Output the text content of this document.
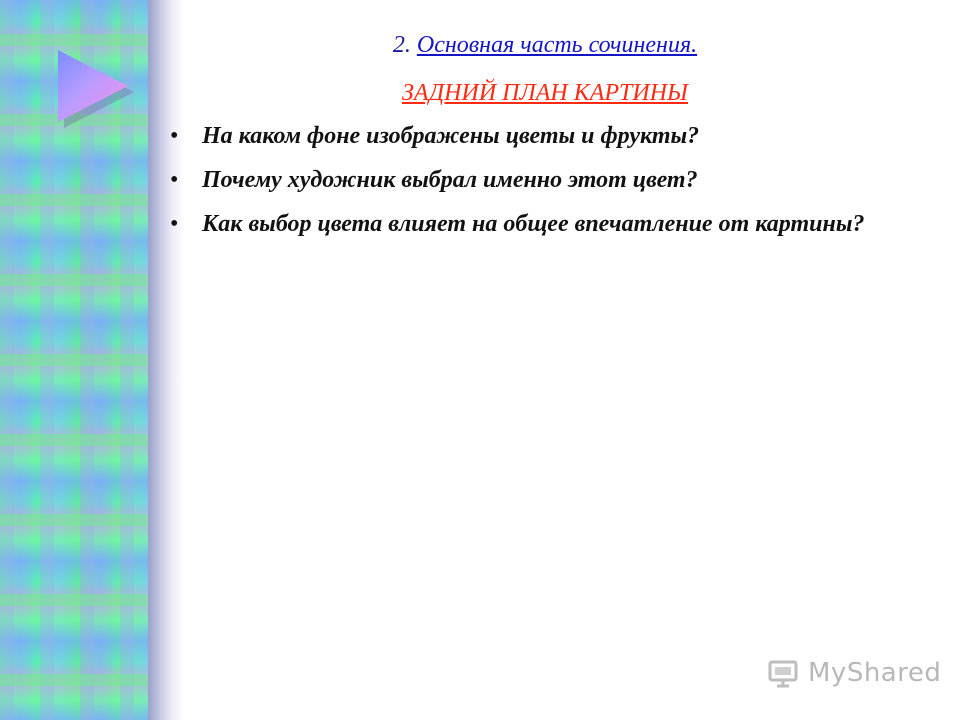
2. Основная часть сочинения.
ЗАДНИЙ ПЛАН КАРТИНЫ
• На каком фоне изображены цветы и фрукты?
• Почему художник выбрал именно этот цвет?
• Как выбор цвета влияет на общее впечатление от картины?
MyShared
